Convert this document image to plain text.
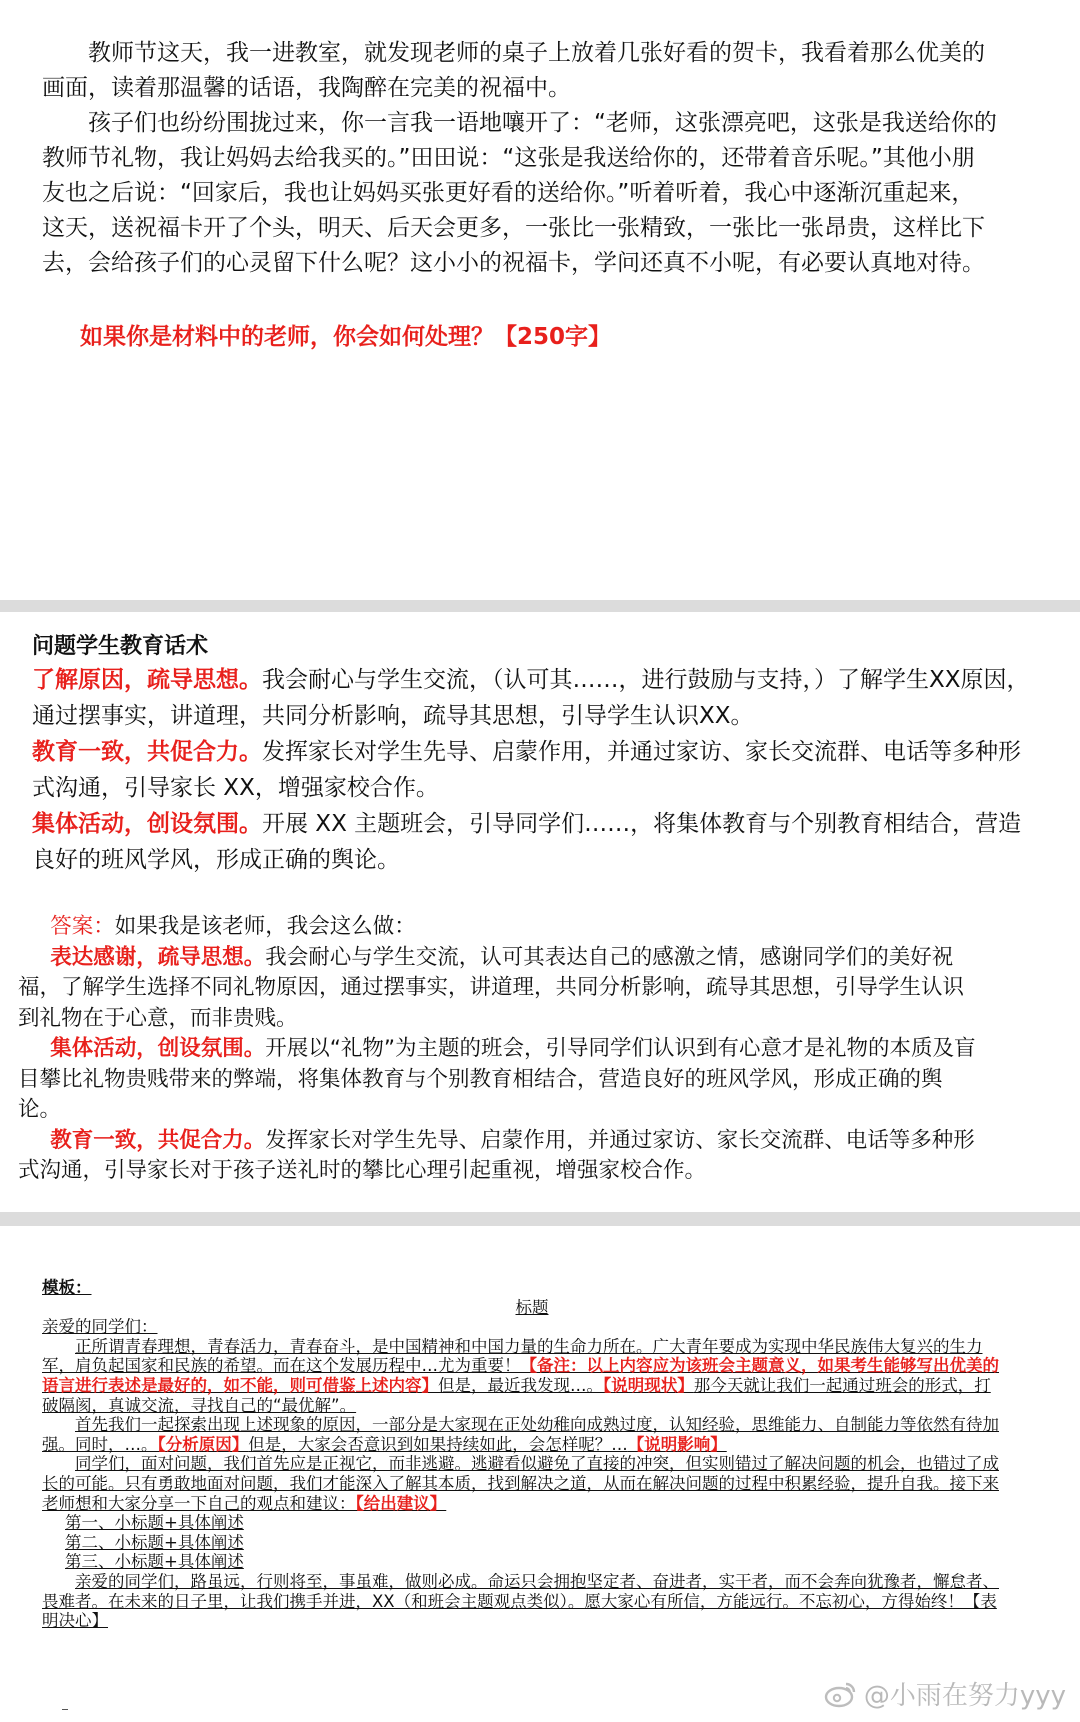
教师节这天，我一进教室，就发现老师的桌子上放着几张好看的贺卡，我看着那么优美的画面，读着那温馨的话语，我陶醉在完美的祝福中。

孩子们也纷纷围拢过来，你一言我一语地嚷开了：“老师，这张漂亮吧，这张是我送给你的教师节礼物，我让妈妈去给我买的。”田田说：“这张是我送给你的，还带着音乐呢。”其他小朋友也之后说：“回家后，我也让妈妈买张更好看的送给你。”听着听着，我心中逐渐沉重起来，这天，送祝福卡开了个头，明天、后天会更多，一张比一张精致，一张比一张昂贵，这样比下去，会给孩子们的心灵留下什么呢？这小小的祝福卡，学问还真不小呢，有必要认真地对待。

如果你是材料中的老师，你会如何处理？【250字】

问题学生教育话术

了解原因，疏导思想。我会耐心与学生交流，（认可其……，进行鼓励与支持，）了解学生XX原因，通过摆事实，讲道理，共同分析影响，疏导其思想，引导学生认识XX。

教育一致，共促合力。发挥家长对学生先导、启蒙作用，并通过家访、家长交流群、电话等多种形式沟通，引导家长 XX，增强家校合作。

集体活动，创设氛围。开展 XX 主题班会，引导同学们……，将集体教育与个别教育相结合，营造良好的班风学风，形成正确的舆论。

答案：如果我是该老师，我会这么做：

表达感谢，疏导思想。我会耐心与学生交流，认可其表达自己的感激之情，感谢同学们的美好祝福，了解学生选择不同礼物原因，通过摆事实，讲道理，共同分析影响，疏导其思想，引导学生认识到礼物在于心意，而非贵贱。

集体活动，创设氛围。开展以“礼物”为主题的班会，引导同学们认识到有心意才是礼物的本质及盲目攀比礼物贵贱带来的弊端，将集体教育与个别教育相结合，营造良好的班风学风，形成正确的舆论。

教育一致，共促合力。发挥家长对学生先导、启蒙作用，并通过家访、家长交流群、电话等多种形式沟通，引导家长对于孩子送礼时的攀比心理引起重视，增强家校合作。

模板：

标题

亲爱的同学们：

正所谓青春理想，青春活力，青春奋斗，是中国精神和中国力量的生命力所在。广大青年要成为实现中华民族伟大复兴的生力军，肩负起国家和民族的希望。而在这个发展历程中…尤为重要！【备注：以上内容应为该班会主题意义，如果考生能够写出优美的语言进行表述是最好的，如不能，则可借鉴上述内容】但是，最近我发现…。【说明现状】那今天就让我们一起通过班会的形式，打破隔阂，真诚交流，寻找自己的“最优解”。

首先我们一起探索出现上述现象的原因，一部分是大家现在正处幼稚向成熟过度，认知经验，思维能力、自制能力等依然有待加强。同时，…。【分析原因】但是，大家会否意识到如果持续如此，会怎样呢？…【说明影响】

同学们，面对问题，我们首先应是正视它，而非逃避。逃避看似避免了直接的冲突，但实则错过了解决问题的机会，也错过了成长的可能。只有勇敢地面对问题，我们才能深入了解其本质，找到解决之道，从而在解决问题的过程中积累经验，提升自我。接下来老师想和大家分享一下自己的观点和建议：【给出建议】

第一、小标题+具体阐述

第二、小标题+具体阐述

第三、小标题+具体阐述

亲爱的同学们，路虽远，行则将至，事虽难，做则必成。命运只会拥抱坚定者、奋进者，实干者，而不会奔向犹豫者，懈怠者、畏难者。在未来的日子里，让我们携手并进，XX（和班会主题观点类似）。愿大家心有所信，方能远行。不忘初心，方得始终！【表明决心】

@小雨在努力yyy
